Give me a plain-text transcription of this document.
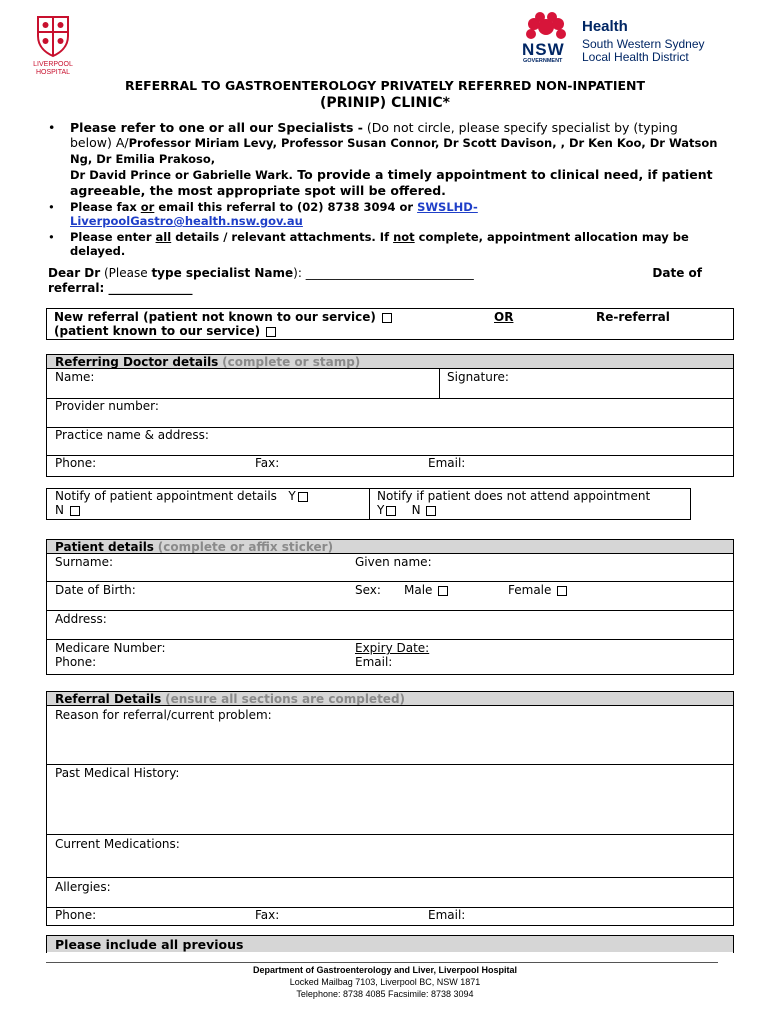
LIVERPOOL HOSPITAL
NSW
GOVERNMENT
Health
South Western Sydney
Local Health District
REFERRAL TO GASTROENTEROLOGY PRIVATELY REFERRED NON-INPATIENT
(PRINIP) CLINIC*
• Please refer to one or all our Specialists - (Do not circle, please specify specialist by (typing below) A/Professor Miriam Levy, Professor Susan Connor, Dr Scott Davison, , Dr Ken Koo, Dr Watson Ng, Dr Emilia Prakoso,
Dr David Prince or Gabrielle Wark. To provide a timely appointment to clinical need, if patient agreeable, the most appropriate spot will be offered.
• Please fax or email this referral to (02) 8738 3094 or SWSLHD-
LiverpoolGastro@health.nsw.gov.au
• Please enter all details / relevant attachments. If not complete, appointment allocation may be delayed.
Dear Dr (Please type specialist Name): ____________________________	Date of

referral: ______________
New referral (patient not known to our service)
(patient known to our service)
OR	Re-referral
Referring Doctor details (complete or stamp)
Name:	Signature:
Provider number:
Practice name & address:
Phone:	Fax:	Email:
Notify of patient appointment details Y
N
Notify if patient does not attend appointment
Y N
Patient details (complete or affix sticker)
Surname:	Given name:
Date of Birth:	Sex: Male	Female
Address:
Medicare Number:	Expiry Date:
Phone:	Email:
Referral Details (ensure all sections are completed)
Reason for referral/current problem:
Past Medical History:
Current Medications:
Allergies:
Phone:	Fax:	Email:
Please include all previous
Department of Gastroenterology and Liver, Liverpool Hospital
Locked Mailbag 7103, Liverpool BC, NSW 1871
Telephone: 8738 4085 Facsimile: 8738 3094
